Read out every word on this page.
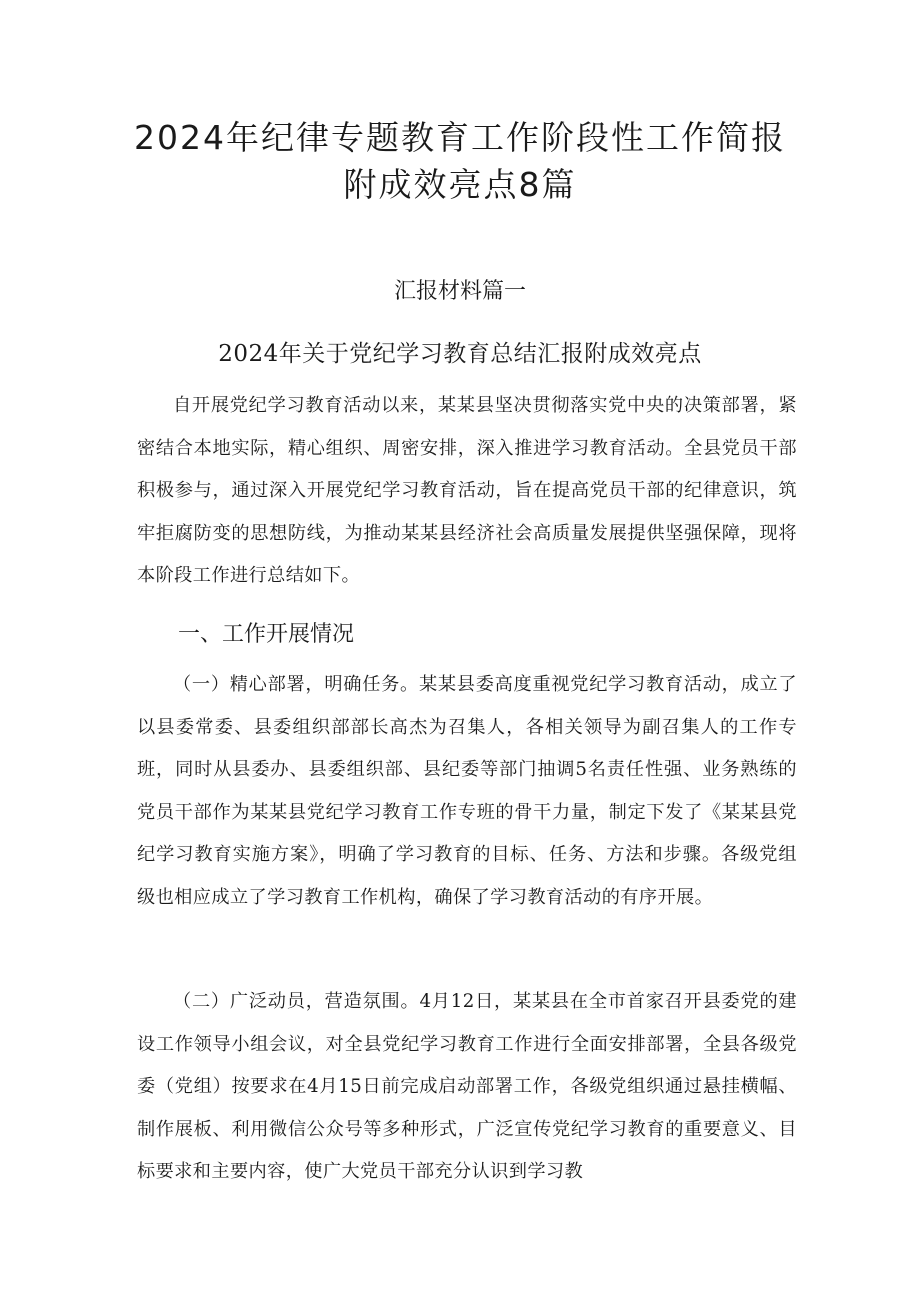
2024年纪律专题教育工作阶段性工作简报
附成效亮点8篇
汇报材料篇一
2024年关于党纪学习教育总结汇报附成效亮点

自开展党纪学习教育活动以来，某某县坚决贯彻落实党中央的决策部署，紧密结合本地实际，精心组织、周密安排，深入推进学习教育活动。全县党员干部积极参与，通过深入开展党纪学习教育活动，旨在提高党员干部的纪律意识，筑牢拒腐防变的思想防线，为推动某某县经济社会高质量发展提供坚强保障，现将本阶段工作进行总结如下。

一、工作开展情况

（一）精心部署，明确任务。某某县委高度重视党纪学习教育活动，成立了以县委常委、县委组织部部长高杰为召集人，各相关领导为副召集人的工作专班，同时从县委办、县委组织部、县纪委等部门抽调5名责任性强、业务熟练的党员干部作为某某县党纪学习教育工作专班的骨干力量，制定下发了《某某县党纪学习教育实施方案》，明确了学习教育的目标、任务、方法和步骤。各级党组级也相应成立了学习教育工作机构，确保了学习教育活动的有序开展。

（二）广泛动员，营造氛围。4月12日，某某县在全市首家召开县委党的建设工作领导小组会议，对全县党纪学习教育工作进行全面安排部署，全县各级党委（党组）按要求在4月15日前完成启动部署工作，各级党组织通过悬挂横幅、制作展板、利用微信公众号等多种形式，广泛宣传党纪学习教育的重要意义、目标要求和主要内容，使广大党员干部充分认识到学习教
